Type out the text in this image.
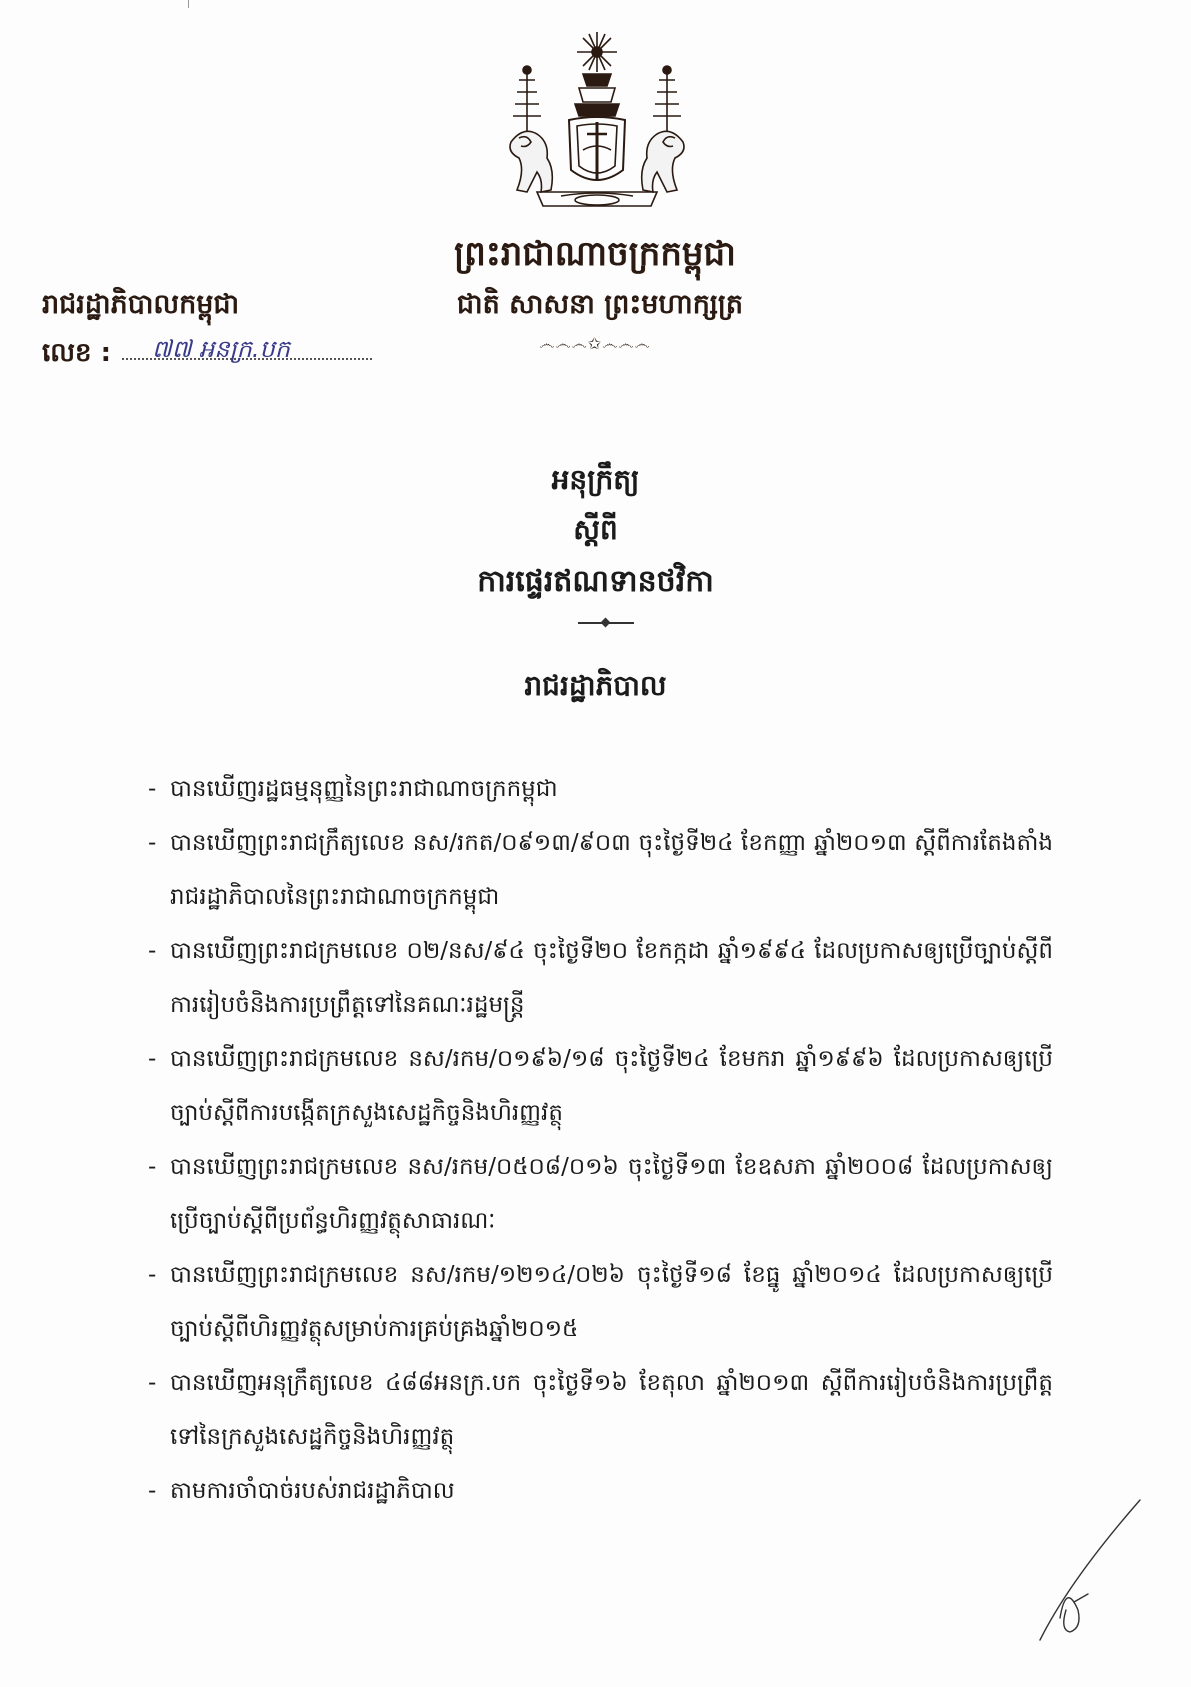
ព្រះរាជាណាចក្រកម្ពុជា
ជាតិ សាសនា ព្រះមហាក្សត្រ
෴෴෴✩෴෴෴
រាជរដ្ឋាភិបាលកម្ពុជា
លេខ : ៧៧ អនក្រ.បក
អនុក្រឹត្យ
ស្តីពី
ការផ្ទេរឥណទានថវិកា
រាជរដ្ឋាភិបាល
- បានឃើញរដ្ឋធម្មនុញ្ញនៃព្រះរាជាណាចក្រកម្ពុជា
- បានឃើញព្រះរាជក្រឹត្យលេខ នស/រកត/០៩១៣/៩០៣ ចុះថ្ងៃទី២៤ ខែកញ្ញា ឆ្នាំ២០១៣ ស្តីពីការតែងតាំងរាជរដ្ឋាភិបាលនៃព្រះរាជាណាចក្រកម្ពុជា
- បានឃើញព្រះរាជក្រមលេខ ០២/នស/៩៤ ចុះថ្ងៃទី២០ ខែកក្កដា ឆ្នាំ១៩៩៤ ដែលប្រកាសឲ្យប្រើច្បាប់ស្តីពីការរៀបចំនិងការប្រព្រឹត្តទៅនៃគណៈរដ្ឋមន្ត្រី
- បានឃើញព្រះរាជក្រមលេខ នស/រកម/០១៩៦/១៨ ចុះថ្ងៃទី២៤ ខែមករា ឆ្នាំ១៩៩៦ ដែលប្រកាសឲ្យប្រើច្បាប់ស្តីពីការបង្កើតក្រសួងសេដ្ឋកិច្ចនិងហិរញ្ញវត្ថុ
- បានឃើញព្រះរាជក្រមលេខ នស/រកម/០៥០៨/០១៦ ចុះថ្ងៃទី១៣ ខែឧសភា ឆ្នាំ២០០៨ ដែលប្រកាសឲ្យប្រើច្បាប់ស្តីពីប្រព័ន្ធហិរញ្ញវត្ថុសាធារណៈ
- បានឃើញព្រះរាជក្រមលេខ នស/រកម/១២១៤/០២៦ ចុះថ្ងៃទី១៨ ខែធ្នូ ឆ្នាំ២០១៤ ដែលប្រកាសឲ្យប្រើច្បាប់ស្តីពីហិរញ្ញវត្ថុសម្រាប់ការគ្រប់គ្រងឆ្នាំ២០១៥
- បានឃើញអនុក្រឹត្យលេខ ៤៨៨អនក្រ.បក ចុះថ្ងៃទី១៦ ខែតុលា ឆ្នាំ២០១៣ ស្តីពីការរៀបចំនិងការប្រព្រឹត្តទៅនៃក្រសួងសេដ្ឋកិច្ចនិងហិរញ្ញវត្ថុ
- តាមការចាំបាច់របស់រាជរដ្ឋាភិបាល
